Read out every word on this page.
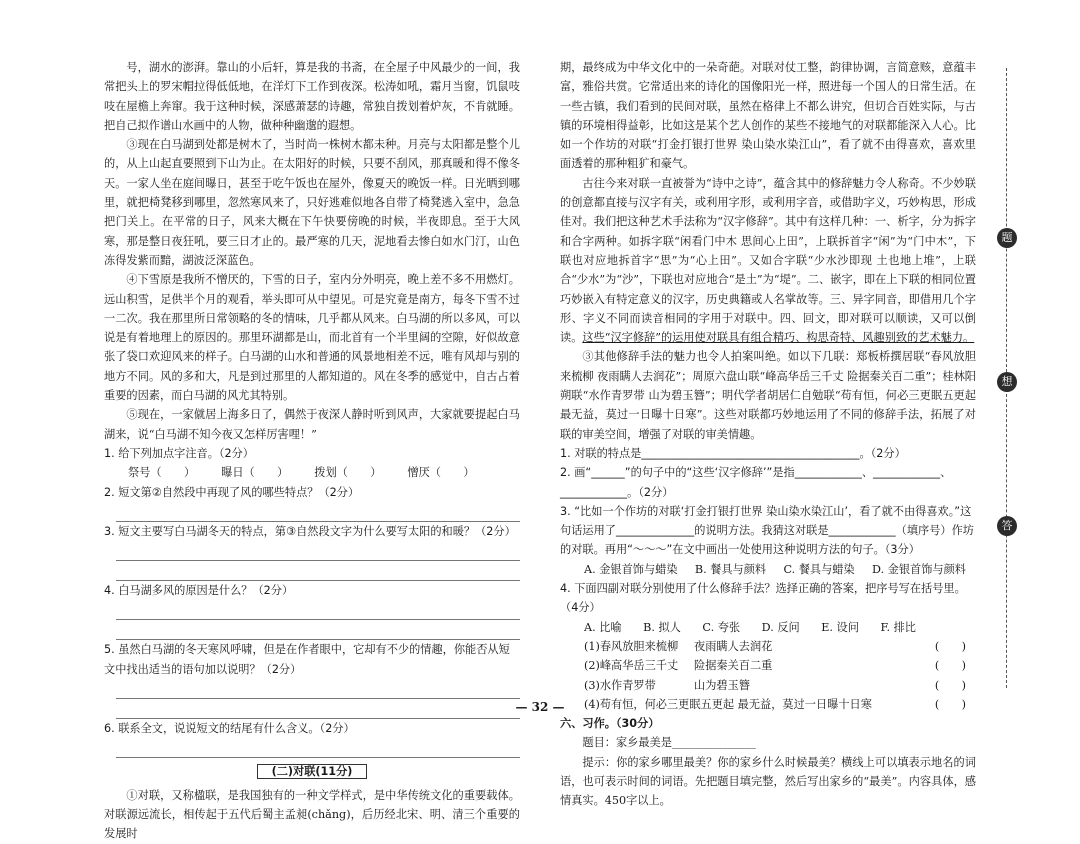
号，湖水的澎湃。靠山的小后轩，算是我的书斋，在全屋子中风最少的一间，我常把头上的罗宋帽拉得低低地，在洋灯下工作到夜深。松涛如吼，霜月当窗，饥鼠吱吱在屋檐上奔窜。我于这种时候，深感萧瑟的诗趣，常独自拨划着炉灰，不肯就睡。把自己拟作谱山水画中的人物，做种种幽邈的遐想。

③现在白马湖到处都是树木了，当时尚一株树木都未种。月亮与太阳都是整个儿的，从上山起直要照到下山为止。在太阳好的时候，只要不刮风，那真暖和得不像冬天。一家人坐在庭间曝日，甚至于吃午饭也在屋外，像夏天的晚饭一样。日光晒到哪里，就把椅凳移到哪里，忽然寒风来了，只好逃难似地各自带了椅凳逃入室中，急急把门关上。在平常的日子，风来大概在下午快要傍晚的时候，半夜即息。至于大风寒，那是整日夜狂吼，要三日才止的。最严寒的几天，泥地看去惨白如水门汀，山色冻得发紫而黯，湖波泛深蓝色。

④下雪原是我所不憎厌的，下雪的日子，室内分外明亮，晚上差不多不用燃灯。远山积雪，足供半个月的观看，举头即可从中望见。可是究竟是南方，每冬下雪不过一二次。我在那里所日常领略的冬的情味，几乎都从风来。白马湖的所以多风，可以说是有着地理上的原因的。那里环湖都是山，而北首有一个半里阔的空隙，好似故意张了袋口欢迎风来的样子。白马湖的山水和普通的风景地相差不远，唯有风却与别的地方不同。风的多和大，凡是到过那里的人都知道的。风在冬季的感觉中，自古占着重要的因素，而白马湖的风尤其特别。

⑤现在，一家僦居上海多日了，偶然于夜深人静时听到风声，大家就要提起白马湖来，说“白马湖不知今夜又怎样厉害哩！”

1. 给下列加点字注音。（2分）

祭号（　　） 曝日（　　） 拨划（　　） 憎厌（　　）

2. 短文第②自然段中再现了风的哪些特点？（2分）

3. 短文主要写白马湖冬天的特点，第③自然段文字为什么要写太阳的和暖？（2分）

4. 白马湖多风的原因是什么？（2分）

5. 虽然白马湖的冬天寒风呼啸，但是在作者眼中，它却有不少的情趣，你能否从短文中找出适当的语句加以说明？（2分）

6. 联系全文，说说短文的结尾有什么含义。（2分）

(二)对联(11分)

①对联，又称楹联，是我国独有的一种文学样式，是中华传统文化的重要载体。对联源远流长，相传起于五代后蜀主孟昶(chǎng)，后历经北宋、明、清三个重要的发展时

期，最终成为中华文化中的一朵奇葩。对联对仗工整，韵律协调，言简意赅，意蕴丰富，雅俗共赏。它常适出来的诗化的国像阳光一样，照进每一个国人的日常生活。在一些古镇，我们看到的民间对联，虽然在格律上不都么讲究，但切合百姓实际，与古镇的环境相得益彰，比如这是某个艺人创作的某些不接地气的对联都能深入人心。比如一个作坊的对联“打金打银打世界 染山染水染江山”，看了就不由得喜欢，喜欢里面透着的那种粗犷和豪气。

古往今来对联一直被誉为“诗中之诗”，蕴含其中的修辞魅力令人称奇。不少妙联的创意都直接与汉字有关，或利用字形，或利用字音，或借助字义，巧妙构思，形成佳对。我们把这种艺术手法称为“汉字修辞”。其中有这样几种：一、析字，分为拆字和合字两种。如拆字联“闲看门中木 思间心上田”，上联拆首字“闲”为“门中木”，下联也对应地拆首字“思”为“心上田”。又如合字联“少水沙即现 土也地上堆”，上联合“少水”为“沙”，下联也对应地合“是土”为“堤”。二、嵌字，即在上下联的相同位置巧妙嵌入有特定意义的汉字，历史典籍或人名掌故等。三、异字同音，即借用几个字形、字义不同而读音相同的字用于对联中。四、回文，即对联可以顺读，又可以倒读。这些“汉字修辞”的运用使对联具有组合精巧、构思奇特、风趣别致的艺术魅力。

③其他修辞手法的魅力也令人拍案叫绝。如以下几联：郑板桥撰居联“春风放胆来梳柳 夜雨瞒人去润花”；周原六盘山联“峰高华岳三千丈 险据秦关百二重”；桂林阳朔联“水作青罗带 山为碧玉簪”；明代学者胡居仁自勉联“苟有恒，何必三更眠五更起 最无益，莫过一日曝十日寒”。这些对联都巧妙地运用了不同的修辞手法，拓展了对联的审美空间，增强了对联的审美情趣。

1. 对联的特点是_______________________________________。（2分）

2. 画“______”的句子中的“这些‘汉字修辞’”是指____________、____________、____________。（2分）

3. “比如一个作坊的对联‘打金打银打世界 染山染水染江山’，看了就不由得喜欢。”这句话运用了______________的说明方法。我猜这对联是____________（填序号）作坊的对联。再用“～～～”在文中画出一处使用这种说明方法的句子。（3分）

A. 金银首饰与蜡染 B. 餐具与颜料 C. 餐具与蜡染 D. 金银首饰与颜料

4. 下面四副对联分别使用了什么修辞手法？选择正确的答案，把序号写在括号里。（4分）

A. 比喻 B. 拟人 C. 夸张 D. 反问 E. 设问 F. 排比
(1)春风放胆来梳柳	夜雨瞒人去润花	(　　)
(2)峰高华岳三千丈	险据秦关百二重	(　　)
(3)水作青罗带	山为碧玉簪	(　　)
(4)苟有恒，何必三更眠五更起 最无益，莫过一日曝十日寒	(　　)

六、习作。（30分）

题目：家乡最美是_______________

提示：你的家乡哪里最美？你的家乡什么时候最美？横线上可以填表示地名的词语，也可表示时间的词语。先把题目填完整，然后写出家乡的“最美”。内容具体，感情真实。450字以上。

题
想
答
— 32 —
